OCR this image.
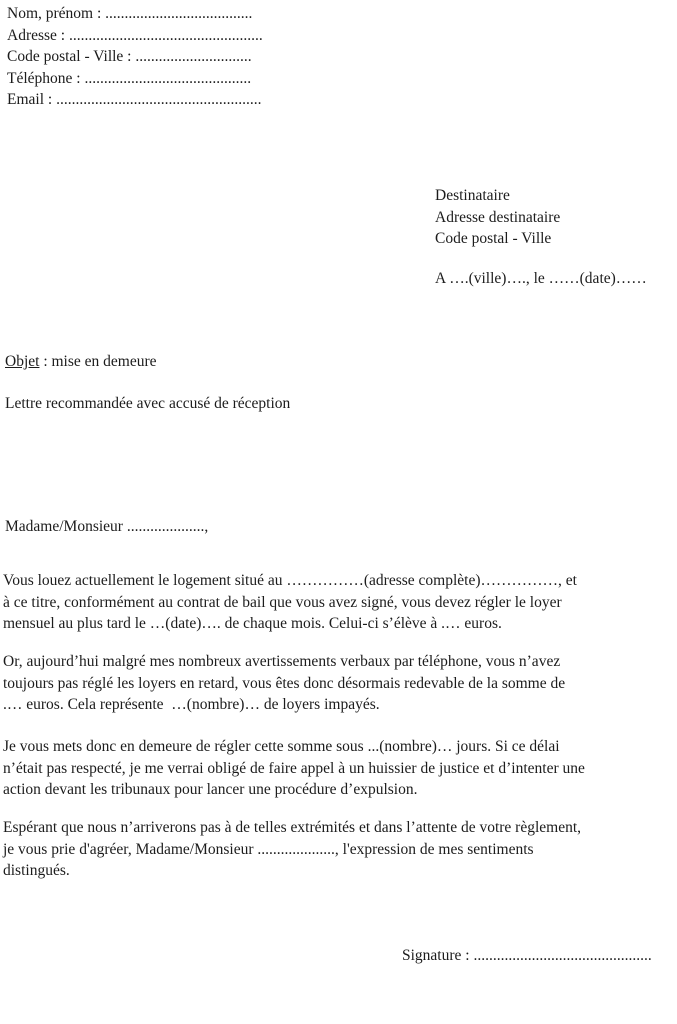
Nom, prénom : ......................................
Adresse : ..................................................
Code postal - Ville : ..............................
Téléphone : ...........................................
Email : .....................................................
Destinataire
Adresse destinataire
Code postal - Ville
A ….(ville)…., le ……(date)……
Objet : mise en demeure
Lettre recommandée avec accusé de réception
Madame/Monsieur ....................,
Vous louez actuellement le logement situé au ……………(adresse complète)……………, et
à ce titre, conformément au contrat de bail que vous avez signé, vous devez régler le loyer
mensuel au plus tard le …(date)…. de chaque mois. Celui-ci s’élève à .… euros.
Or, aujourd’hui malgré mes nombreux avertissements verbaux par téléphone, vous n’avez
toujours pas réglé les loyers en retard, vous êtes donc désormais redevable de la somme de
.… euros. Cela représente  …(nombre)… de loyers impayés.
Je vous mets donc en demeure de régler cette somme sous ...(nombre)… jours. Si ce délai
n’était pas respecté, je me verrai obligé de faire appel à un huissier de justice et d’intenter une
action devant les tribunaux pour lancer une procédure d’expulsion.
Espérant que nous n’arriverons pas à de telles extrémités et dans l’attente de votre règlement,
je vous prie d'agréer, Madame/Monsieur ...................., l'expression de mes sentiments
distingués.
Signature : ..............................................
